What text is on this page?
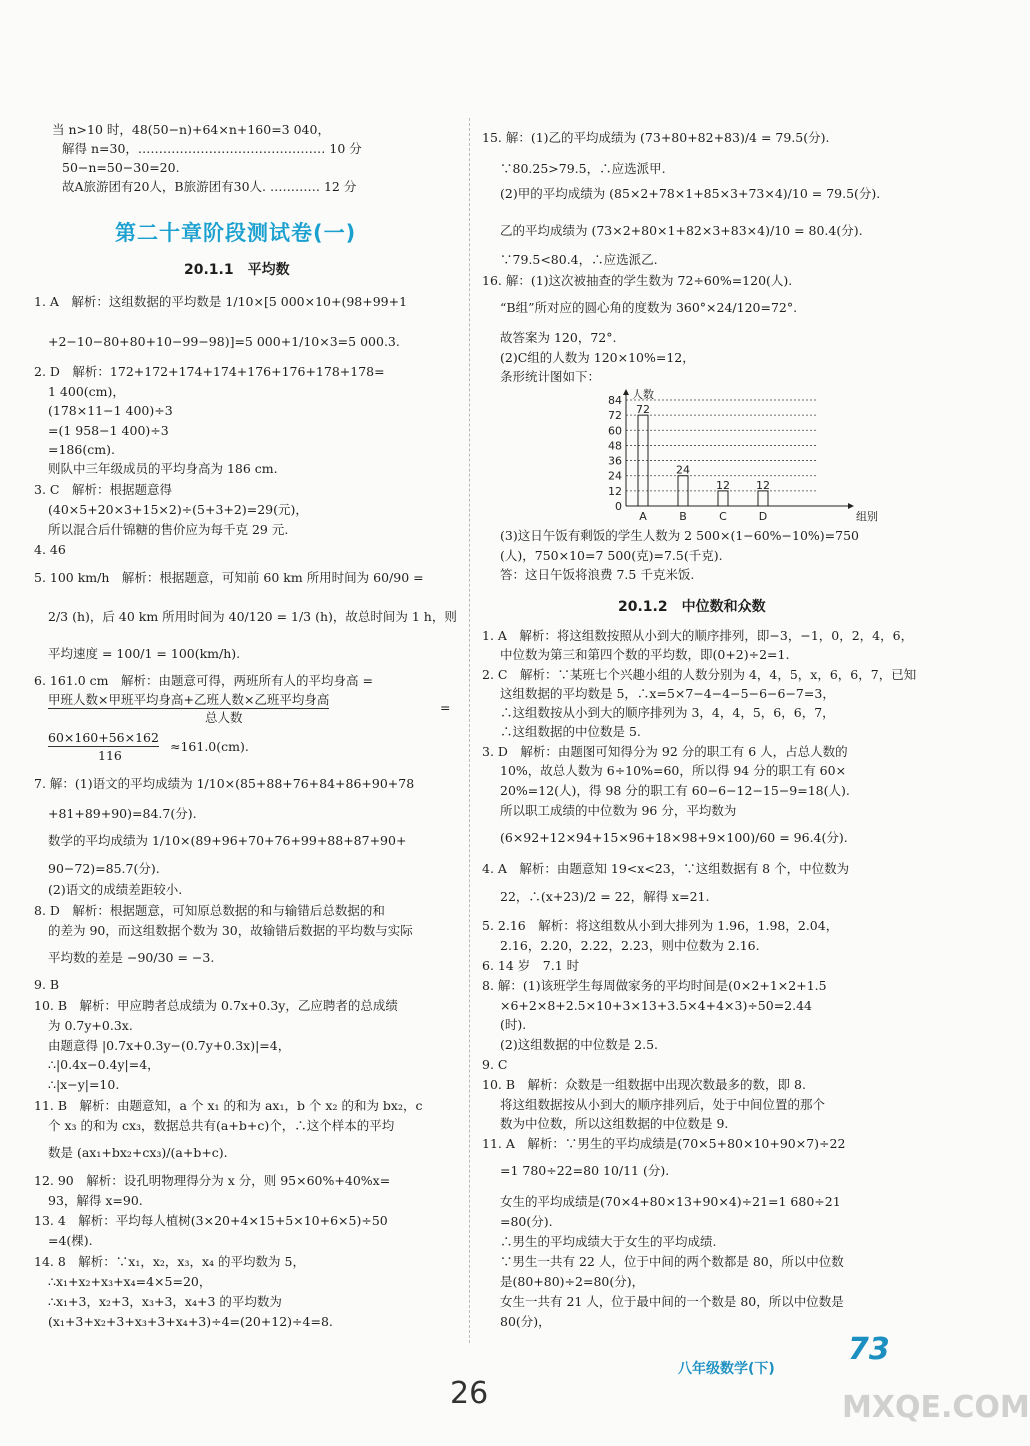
当 n>10 时，48(50−n)+64×n+160=3 040，
解得 n=30，……………………………………… 10 分
50−n=50−30=20.
故A旅游团有20人，B旅游团有30人. ………… 12 分
第二十章阶段测试卷(一)
20.1.1　平均数
1. A　解析：这组数据的平均数是 1/10×[5 000×10+(98+99+1
+2−10−80+80+10−99−98)]=5 000+1/10×3=5 000.3.
2. D　解析：172+172+174+174+176+176+178+178=
1 400(cm)，
(178×11−1 400)÷3
=(1 958−1 400)÷3
=186(cm).
则队中三年级成员的平均身高为 186 cm.
3. C　解析：根据题意得
(40×5+20×3+15×2)÷(5+3+2)=29(元)，
所以混合后什锦糖的售价应为每千克 29 元.
4. 46
5. 100 km/h　解析：根据题意，可知前 60 km 所用时间为 60/90 =
2/3 (h)，后 40 km 所用时间为 40/120 = 1/3 (h)，故总时间为 1 h，则
平均速度 = 100/1 = 100(km/h).
6. 161.0 cm　解析：由题意可得，两班所有人的平均身高 =
甲班人数×甲班平均身高+乙班人数×乙班平均身高
总人数
=
60×160+56×162
116
≈161.0(cm).
7. 解：(1)语文的平均成绩为 1/10×(85+88+76+84+86+90+78
+81+89+90)=84.7(分).
数学的平均成绩为 1/10×(89+96+70+76+99+88+87+90+
90−72)=85.7(分).
(2)语文的成绩差距较小.
8. D　解析：根据题意，可知原总数据的和与输错后总数据的和
的差为 90，而这组数据个数为 30，故输错后数据的平均数与实际
平均数的差是 −90/30 = −3.
9. B
10. B　解析：甲应聘者总成绩为 0.7x+0.3y，乙应聘者的总成绩
为 0.7y+0.3x.
由题意得 |0.7x+0.3y−(0.7y+0.3x)|=4，
∴|0.4x−0.4y|=4，
∴|x−y|=10.
11. B　解析：由题意知，a 个 x₁ 的和为 ax₁，b 个 x₂ 的和为 bx₂，c
个 x₃ 的和为 cx₃，数据总共有(a+b+c)个，∴这个样本的平均
数是 (ax₁+bx₂+cx₃)/(a+b+c).
12. 90　解析：设孔明物理得分为 x 分，则 95×60%+40%x=
93，解得 x=90.
13. 4　解析：平均每人植树(3×20+4×15+5×10+6×5)÷50
=4(棵).
14. 8　解析：∵x₁，x₂，x₃，x₄ 的平均数为 5，
∴x₁+x₂+x₃+x₄=4×5=20，
∴x₁+3，x₂+3，x₃+3，x₄+3 的平均数为
(x₁+3+x₂+3+x₃+3+x₄+3)÷4=(20+12)÷4=8.
15. 解：(1)乙的平均成绩为 (73+80+82+83)/4 = 79.5(分).
∵80.25>79.5，∴应选派甲.
(2)甲的平均成绩为 (85×2+78×1+85×3+73×4)/10 = 79.5(分).
乙的平均成绩为 (73×2+80×1+82×3+83×4)/10 = 80.4(分).
∵79.5<80.4，∴应选派乙.
16. 解：(1)这次被抽查的学生数为 72÷60%=120(人).
“B组”所对应的圆心角的度数为 360°×24/120=72°.
故答案为 120，72°.
(2)C组的人数为 120×10%=12，
条形统计图如下：
0
12
24
36
48
60
72
84 人数
组别
72
A
24
B
12
C
12
D
(3)这日午饭有剩饭的学生人数为 2 500×(1−60%−10%)=750
(人)，750×10=7 500(克)=7.5(千克).
答：这日午饭将浪费 7.5 千克米饭.
20.1.2　中位数和众数
1. A　解析：将这组数按照从小到大的顺序排列，即−3，−1，0，2，4，6，
中位数为第三和第四个数的平均数，即(0+2)÷2=1.
2. C　解析：∵某班七个兴趣小组的人数分别为 4，4，5，x，6，6，7，已知
这组数据的平均数是 5，∴x=5×7−4−4−5−6−6−7=3，
∴这组数按从小到大的顺序排列为 3，4，4，5，6，6，7，
∴这组数据的中位数是 5.
3. D　解析：由题图可知得分为 92 分的职工有 6 人，占总人数的
10%，故总人数为 6÷10%=60，所以得 94 分的职工有 60×
20%=12(人)，得 98 分的职工有 60−6−12−15−9=18(人).
所以职工成绩的中位数为 96 分，平均数为
(6×92+12×94+15×96+18×98+9×100)/60 = 96.4(分).
4. A　解析：由题意知 19<x<23，∵这组数据有 8 个，中位数为
22，∴(x+23)/2 = 22，解得 x=21.
5. 2.16　解析：将这组数从小到大排列为 1.96，1.98，2.04，
2.16，2.20，2.22，2.23，则中位数为 2.16.
6. 14 岁　7.1 时
8. 解：(1)该班学生每周做家务的平均时间是(0×2+1×2+1.5
×6+2×8+2.5×10+3×13+3.5×4+4×3)÷50=2.44
(时).
(2)这组数据的中位数是 2.5.
9. C
10. B　解析：众数是一组数据中出现次数最多的数，即 8.
将这组数据按从小到大的顺序排列后，处于中间位置的那个
数为中位数，所以这组数据的中位数是 9.
11. A　解析：∵男生的平均成绩是(70×5+80×10+90×7)÷22
=1 780÷22=80 10/11 (分).
女生的平均成绩是(70×4+80×13+90×4)÷21=1 680÷21
=80(分).
∴男生的平均成绩大于女生的平均成绩.
∵男生一共有 22 人，位于中间的两个数都是 80，所以中位数
是(80+80)÷2=80(分)，
女生一共有 21 人，位于最中间的一个数是 80，所以中位数是
80(分)，
八年级数学(下)
73
26	MXQE.COM
